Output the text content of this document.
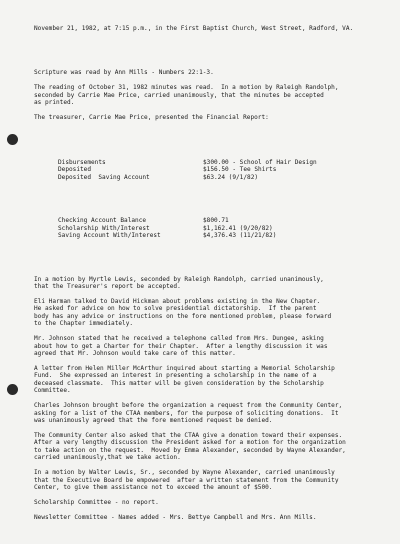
November 21, 1982, at 7:15 p.m., in the First Baptist Church, West Street, Radford, VA.

Scripture was read by Ann Mills - Numbers 22:1-3.
The reading of October 31, 1982 minutes was read.  In a motion by Raleigh Randolph,
seconded by Carrie Mae Price, carried unanimously, that the minutes be accepted
as printed.
The treasurer, Carrie Mae Price, presented the Financial Report:

Disbursements	$300.00 - School of Hair Design
Deposited	$156.50 - Tee Shirts
Deposited  Saving Account	$63.24 (9/1/82)

Checking Account Balance	$800.71
Scholarship With/Interest	$1,162.41 (9/20/82)
Saving Account With/Interest	$4,376.43 (11/21/82)

In a motion by Myrtle Lewis, seconded by Raleigh Randolph, carried unanimously,
that the Treasurer's report be accepted.
Eli Harman talked to David Hickman about problems existing in the New Chapter.
He asked for advice on how to solve presidential dictatorship.  If the parent
body has any advice or instructions on the fore mentioned problem, please forward
to the Chapter immediately.
Mr. Johnson stated that he received a telephone called from Mrs. Dungee, asking
about how to get a Charter for their Chapter.  After a lengthy discussion it was
agreed that Mr. Johnson would take care of this matter.
A letter from Helen Miller McArthur inquired about starting a Memorial Scholarship
Fund.  She expressed an interest in presenting a scholarship in the name of a
deceased classmate.  This matter will be given consideration by the Scholarship
Committee.
Charles Johnson brought before the organization a request from the Community Center,
asking for a list of the CTAA members, for the purpose of soliciting donations.  It
was unanimously agreed that the fore mentioned request be denied.
The Community Center also asked that the CTAA give a donation toward their expenses.
After a very lengthy discussion the President asked for a motion for the organization
to take action on the request.  Moved by Emma Alexander, seconded by Wayne Alexander,
carried unanimously,that we take action.
In a motion by Walter Lewis, Sr., seconded by Wayne Alexander, carried unanimously
that the Executive Board be empowered  after a written statement from the Community
Center, to give them assistance not to exceed the amount of $500.
Scholarship Committee - no report.
Newsletter Committee - Names added - Mrs. Bettye Campbell and Mrs. Ann Mills.
